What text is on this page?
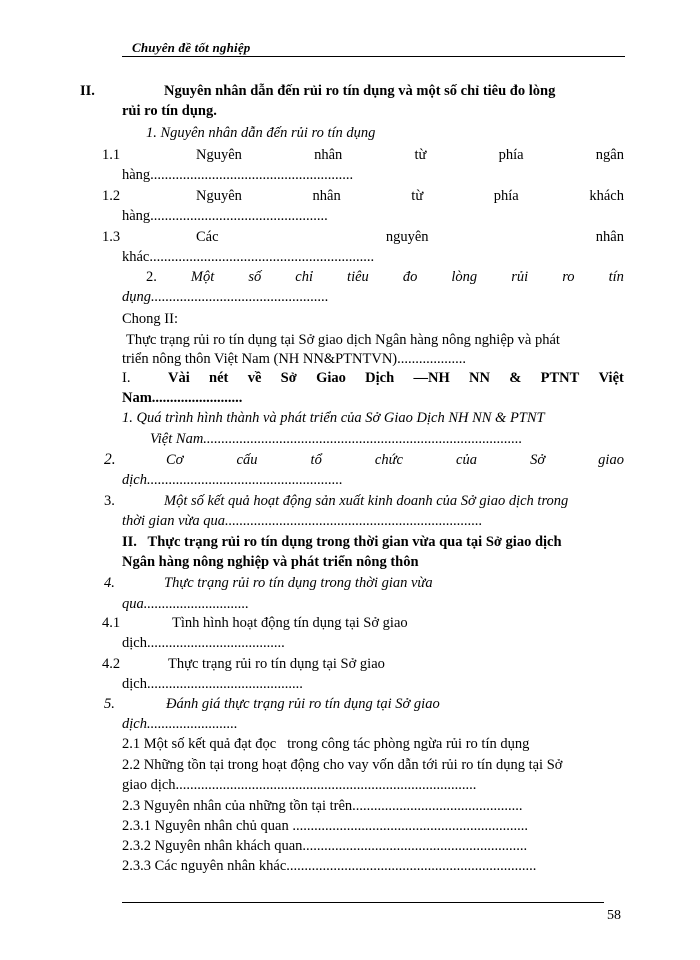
Chuyên đề tốt nghiệp
II.	Nguyên nhân dẫn đến rủi ro tín dụng và một số chỉ tiêu đo lòng
rủi ro tín dụng.
1. Nguyên nhân dẫn đến rủi ro tín dụng
1.1	Nguyên	nhân	từ	phía	ngân
hàng........................................................
1.2	Nguyên	nhân	từ	phía	khách
hàng.................................................
1.3	Các	nguyên	nhân
khác..............................................................
2. Một số chỉ tiêu đo lòng rủi ro tín
dụng.................................................
Chong II:
Thực trạng rủi ro tín dụng tại Sở giao dịch Ngân hàng nông nghiệp và phát
triển nông thôn Việt Nam (NH NN&PTNTVN)...................
I.	Vài nét về Sở Giao Dịch —NH NN & PTNT Việt
Nam.........................
1. Quá trình hình thành và phát triển của Sở Giao Dịch NH NN & PTNT
Việt Nam........................................................................................
2.	Cơ	cấu	tổ	chức	của	Sở	giao
dịch......................................................
3.	Một số kết quả hoạt động sản xuất kinh doanh của Sở giao dịch trong
thời gian vừa qua.......................................................................
II.   Thực trạng rủi ro tín dụng trong thời gian vừa qua tại Sở giao dịch
Ngân hàng nông nghiệp và phát triển nông thôn
4.	Thực trạng rủi ro tín dụng trong thời gian vừa
qua.............................
4.1	Tình hình hoạt động tín dụng tại Sở giao
dịch......................................
4.2	Thực trạng rủi ro tín dụng tại Sở giao
dịch...........................................
5.	Đánh giá thực trạng rủi ro tín dụng tại Sở giao
dịch.........................
2.1 Một số kết quả đạt đọc   trong công tác phòng ngừa rủi ro tín dụng
2.2 Những tồn tại trong hoạt động cho vay vốn dẫn tới rủi ro tín dụng tại Sở
giao dịch...................................................................................
2.3 Nguyên nhân của những tồn tại trên...............................................
2.3.1 Nguyên nhân chủ quan .................................................................
2.3.2 Nguyên nhân khách quan..............................................................
2.3.3 Các nguyên nhân khác.....................................................................
58
